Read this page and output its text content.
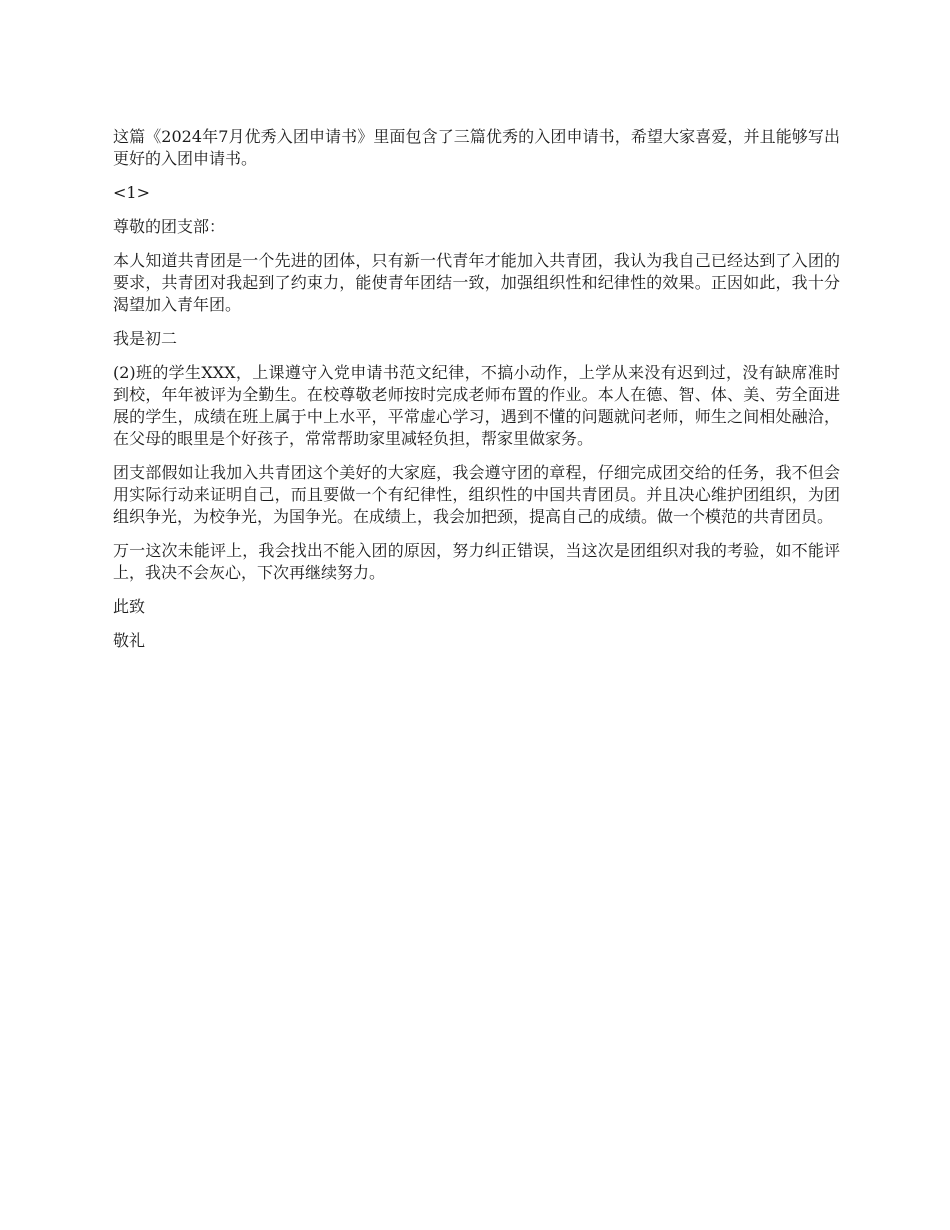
这篇《2024年7月优秀入团申请书》里面包含了三篇优秀的入团申请书，希望大家喜爱，并且能够写出更好的入团申请书。

<1>

尊敬的团支部：

本人知道共青团是一个先进的团体，只有新一代青年才能加入共青团，我认为我自己已经达到了入团的要求，共青团对我起到了约束力，能使青年团结一致，加强组织性和纪律性的效果。正因如此，我十分渴望加入青年团。

我是初二

(2)班的学生XXX，上课遵守入党申请书范文纪律，不搞小动作，上学从来没有迟到过，没有缺席准时到校，年年被评为全勤生。在校尊敬老师按时完成老师布置的作业。本人在德、智、体、美、劳全面进展的学生，成绩在班上属于中上水平，平常虚心学习，遇到不懂的问题就问老师，师生之间相处融洽，在父母的眼里是个好孩子，常常帮助家里减轻负担，帮家里做家务。

团支部假如让我加入共青团这个美好的大家庭，我会遵守团的章程，仔细完成团交给的任务，我不但会用实际行动来证明自己，而且要做一个有纪律性，组织性的中国共青团员。并且决心维护团组织，为团组织争光，为校争光，为国争光。在成绩上，我会加把颈，提高自己的成绩。做一个模范的共青团员。

万一这次未能评上，我会找出不能入团的原因，努力纠正错误，当这次是团组织对我的考验，如不能评上，我决不会灰心，下次再继续努力。

此致

敬礼
